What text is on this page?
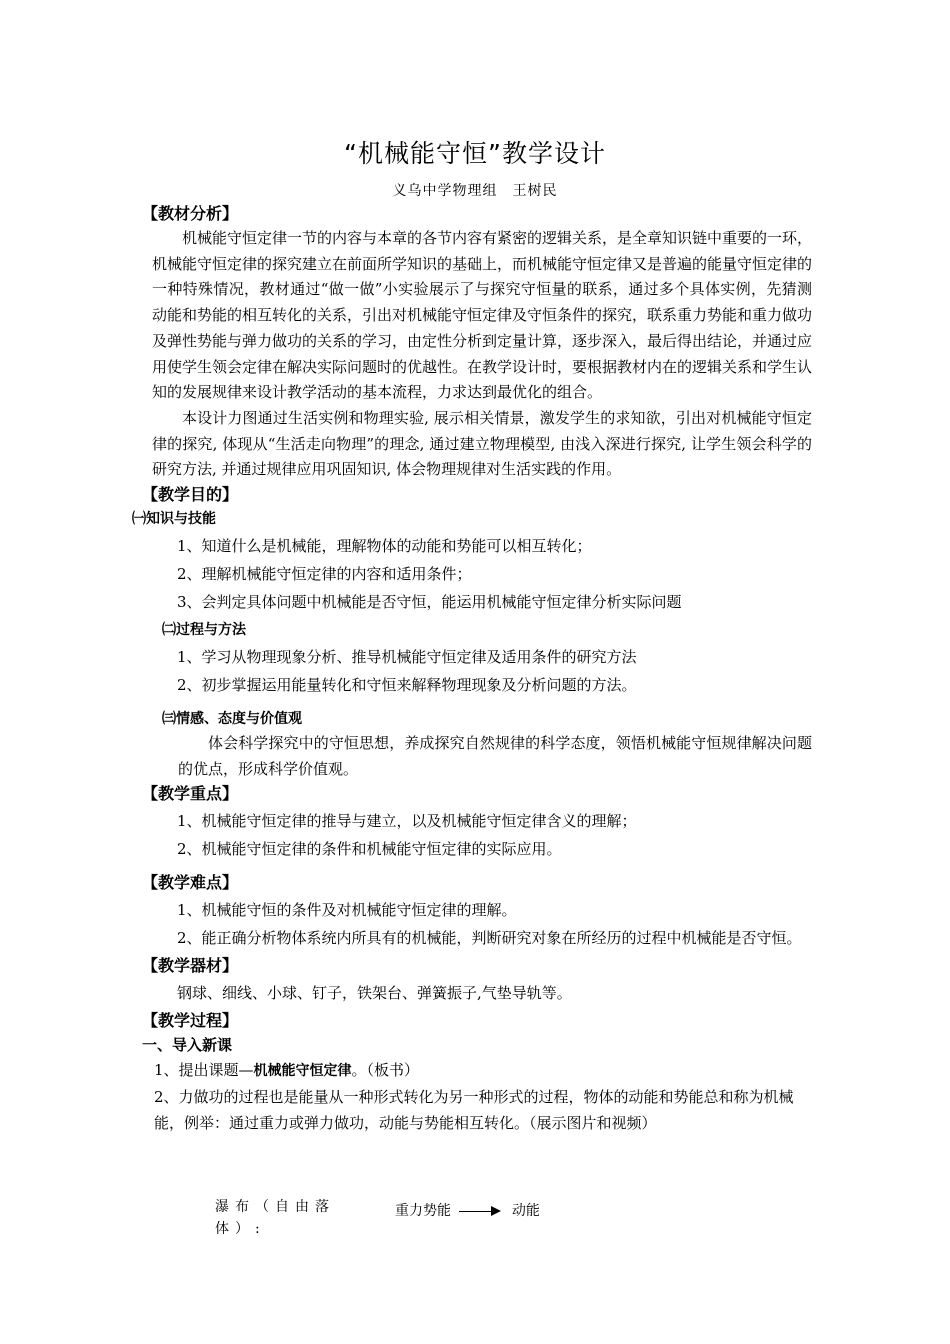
“机械能守恒”教学设计
义乌中学物理组　王树民
【教材分析】

机械能守恒定律一节的内容与本章的各节内容有紧密的逻辑关系，是全章知识链中重要的一环，机械能守恒定律的探究建立在前面所学知识的基础上，而机械能守恒定律又是普遍的能量守恒定律的一种特殊情况，教材通过“做一做”小实验展示了与探究守恒量的联系，通过多个具体实例，先猜测动能和势能的相互转化的关系，引出对机械能守恒定律及守恒条件的探究，联系重力势能和重力做功及弹性势能与弹力做功的关系的学习，由定性分析到定量计算，逐步深入，最后得出结论，并通过应用使学生领会定律在解决实际问题时的优越性。在教学设计时，要根据教材内在的逻辑关系和学生认知的发展规律来设计教学活动的基本流程，力求达到最优化的组合。

本设计力图通过生活实例和物理实验, 展示相关情景，激发学生的求知欲，引出对机械能守恒定律的探究, 体现从“生活走向物理”的理念, 通过建立物理模型, 由浅入深进行探究, 让学生领会科学的研究方法, 并通过规律应用巩固知识, 体会物理规律对生活实践的作用。

【教学目的】
㈠知识与技能
1、知道什么是机械能，理解物体的动能和势能可以相互转化；
2、理解机械能守恒定律的内容和适用条件；
3、会判定具体问题中机械能是否守恒，能运用机械能守恒定律分析实际问题
㈡过程与方法
1、学习从物理现象分析、推导机械能守恒定律及适用条件的研究方法
2、初步掌握运用能量转化和守恒来解释物理现象及分析问题的方法。
㈢情感、态度与价值观

体会科学探究中的守恒思想，养成探究自然规律的科学态度，领悟机械能守恒规律解决问题的优点，形成科学价值观。

【教学重点】
1、机械能守恒定律的推导与建立，以及机械能守恒定律含义的理解；
2、机械能守恒定律的条件和机械能守恒定律的实际应用。
【教学难点】
1、机械能守恒的条件及对机械能守恒定律的理解。
2、能正确分析物体系统内所具有的机械能，判断研究对象在所经历的过程中机械能是否守恒。
【教学器材】
钢球、细线、小球、钉子，铁架台、弹簧振子,气垫导轨等。
【教学过程】
一、导入新课
1、提出课题—机械能守恒定律。（板书）
2、力做功的过程也是能量从一种形式转化为另一种形式的过程，物体的动能和势能总和称为机械能，例举：通过重力或弹力做功，动能与势能相互转化。（展示图片和视频）
瀑布（自由落体）:
重力势能	动能
